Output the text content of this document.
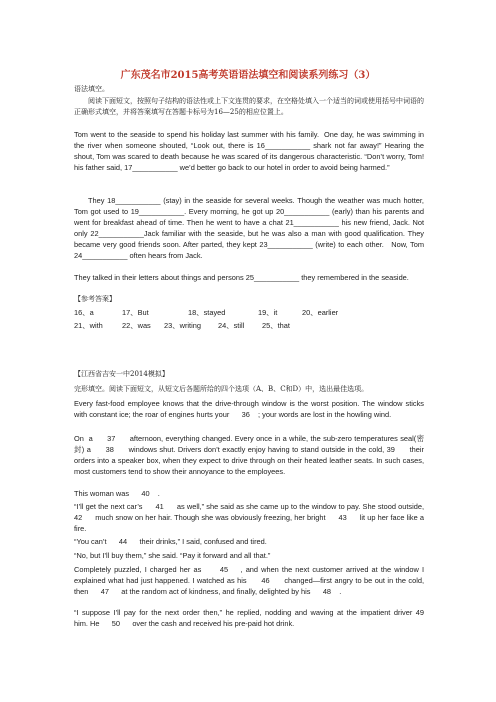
广东茂名市2015高考英语语法填空和阅读系列练习（3）
语法填空。
阅读下面短文，按照句子结构的语法性或上下文连贯的要求，在空格处填入一个适当的词或使用括号中词语的正确形式填空，并将答案填写在答题卡标号为16—25的相应位置上。
Tom went to the seaside to spend his holiday last summer with his family.  One day, he was swimming in the river when someone shouted, “Look out, there is 16___________ shark not far away!” Hearing the shout, Tom was scared to death because he was scared of its dangerous characteristic. “Don’t worry, Tom! his father said, 17___________ we’d better go back to our hotel in order to avoid being harmed.”
They 18___________ (stay) in the seaside for several weeks. Though the weather was much hotter, Tom got used to 19___________. Every morning, he got up 20___________ (early) than his parents and went for breakfast ahead of time. Then he went to have a chat 21___________ his new friend, Jack. Not only 22___________Jack familiar with the seaside, but he was also a man with good qualification. They became very good friends soon. After parted, they kept 23___________ (write) to each other.   Now, Tom 24___________ often hears from Jack.
They talked in their letters about things and persons 25___________ they remembered in the seaside.
【参考答案】
16、a	17、But	18、stayed	19、it	20、earlier
21、with	22、was 23、writing 24、still 25、that
【江西省吉安一中2014模拟】
完形填空。阅读下面短文，从短文后各题所给的四个选项（A、B、C和D）中，选出最佳选项。
Every fast-food employee knows that the drive-through window is the worst position. The window sticks with constant ice; the roar of engines hurts your      36    ; your words are lost in the howling wind.
On  a      37      afternoon, everything changed. Every once in a while, the sub-zero temperatures seal(密封) a      38      windows shut. Drivers don’t exactly enjoy having to stand outside in the cold, 39      their orders into a speaker box, when they expect to drive through on their heated leather seats. In such cases, most customers tend to show their annoyance to the employees.
This woman was      40    .
“I’ll get the next car’s      41      as well,” she said as she came up to the window to pay. She stood outside,      42      much snow on her hair. Though she was obviously freezing, her bright      43      lit up her face like a fire.
“You can’t      44      their drinks,” I said, confused and tired.
“No, but I’ll buy them,” she said. “Pay it forward and all that.”
Completely puzzled, I charged her as      45    , and when the next customer arrived at the window I explained what had just happened. I watched as his      46      changed—first angry to be out in the cold, then      47      at the random act of kindness, and finally, delighted by his      48    .
“I suppose I’ll pay for the next order then,” he replied, nodding and waving at the impatient driver 49      him. He      50      over the cash and received his pre-paid hot drink.
